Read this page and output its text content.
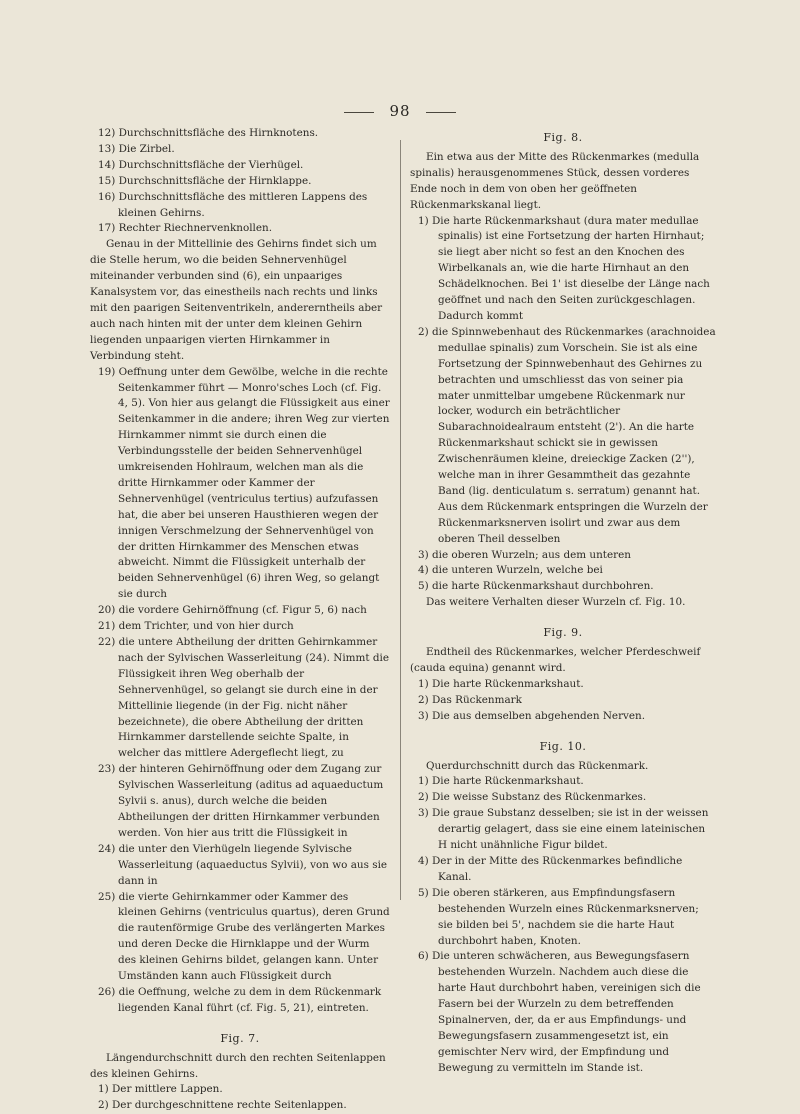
98

12) Durchschnittsfläche des Hirnknotens.

13) Die Zirbel.

14) Durchschnittsfläche der Vierhügel.

15) Durchschnittsfläche der Hirnklappe.

16) Durchschnittsfläche des mittleren Lappens des kleinen Gehirns.

17) Rechter Riechnervenknollen.

Genau in der Mittellinie des Gehirns findet sich um die Stelle herum, wo die beiden Sehnervenhügel miteinander verbunden sind (6), ein unpaariges Kanalsystem vor, das einestheils nach rechts und links mit den paarigen Seitenventrikeln, andererntheils aber auch nach hinten mit der unter dem kleinen Gehirn liegenden unpaarigen vierten Hirnkammer in Verbindung steht.

19) Oeffnung unter dem Gewölbe, welche in die rechte Seitenkammer führt — Monro'sches Loch (cf. Fig. 4, 5). Von hier aus gelangt die Flüssigkeit aus einer Seitenkammer in die andere; ihren Weg zur vierten Hirnkammer nimmt sie durch einen die Verbindungsstelle der beiden Sehnervenhügel umkreisenden Hohlraum, welchen man als die dritte Hirnkammer oder Kammer der Sehnervenhügel (ventriculus tertius) aufzufassen hat, die aber bei unseren Hausthieren wegen der innigen Verschmelzung der Sehnervenhügel von der dritten Hirnkammer des Menschen etwas abweicht. Nimmt die Flüssigkeit unterhalb der beiden Sehnervenhügel (6) ihren Weg, so gelangt sie durch

20) die vordere Gehirnöffnung (cf. Figur 5, 6) nach

21) dem Trichter, und von hier durch

22) die untere Abtheilung der dritten Gehirnkammer nach der Sylvischen Wasserleitung (24). Nimmt die Flüssigkeit ihren Weg oberhalb der Sehnervenhügel, so gelangt sie durch eine in der Mittellinie liegende (in der Fig. nicht näher bezeichnete), die obere Abtheilung der dritten Hirnkammer darstellende seichte Spalte, in welcher das mittlere Adergeflecht liegt, zu

23) der hinteren Gehirnöffnung oder dem Zugang zur Sylvischen Wasserleitung (aditus ad aquaeductum Sylvii s. anus), durch welche die beiden Abtheilungen der dritten Hirnkammer verbunden werden. Von hier aus tritt die Flüssigkeit in

24) die unter den Vierhügeln liegende Sylvische Wasserleitung (aquaeductus Sylvii), von wo aus sie dann in

25) die vierte Gehirnkammer oder Kammer des kleinen Gehirns (ventriculus quartus), deren Grund die rautenförmige Grube des verlängerten Markes und deren Decke die Hirnklappe und der Wurm des kleinen Gehirns bildet, gelangen kann. Unter Umständen kann auch Flüssigkeit durch

26) die Oeffnung, welche zu dem in dem Rückenmark liegenden Kanal führt (cf. Fig. 5, 21), eintreten.

Fig. 7.

Längendurchschnitt durch den rechten Seitenlappen des kleinen Gehirns.

1) Der mittlere Lappen.

2) Der durchgeschnittene rechte Seitenlappen.

Fig. 8.

Ein etwa aus der Mitte des Rückenmarkes (medulla spinalis) herausgenommenes Stück, dessen vorderes Ende noch in dem von oben her geöffneten Rückenmarkskanal liegt.

1) Die harte Rückenmarkshaut (dura mater medullae spinalis) ist eine Fortsetzung der harten Hirnhaut; sie liegt aber nicht so fest an den Knochen des Wirbelkanals an, wie die harte Hirnhaut an den Schädelknochen. Bei 1' ist dieselbe der Länge nach geöffnet und nach den Seiten zurückgeschlagen. Dadurch kommt

2) die Spinnwebenhaut des Rückenmarkes (arachnoidea medullae spinalis) zum Vorschein. Sie ist als eine Fortsetzung der Spinnwebenhaut des Gehirnes zu betrachten und umschliesst das von seiner pia mater unmittelbar umgebene Rückenmark nur locker, wodurch ein beträchtlicher Subarachnoidealraum entsteht (2'). An die harte Rückenmarkshaut schickt sie in gewissen Zwischenräumen kleine, dreieckige Zacken (2''), welche man in ihrer Gesammtheit das gezahnte Band (lig. denticulatum s. serratum) genannt hat. Aus dem Rückenmark entspringen die Wurzeln der Rückenmarksnerven isolirt und zwar aus dem oberen Theil desselben

3) die oberen Wurzeln; aus dem unteren

4) die unteren Wurzeln, welche bei

5) die harte Rückenmarkshaut durchbohren.

Das weitere Verhalten dieser Wurzeln cf. Fig. 10.

Fig. 9.

Endtheil des Rückenmarkes, welcher Pferdeschweif (cauda equina) genannt wird.

1) Die harte Rückenmarkshaut.

2) Das Rückenmark

3) Die aus demselben abgehenden Nerven.

Fig. 10.

Querdurchschnitt durch das Rückenmark.

1) Die harte Rückenmarkshaut.

2) Die weisse Substanz des Rückenmarkes.

3) Die graue Substanz desselben; sie ist in der weissen derartig gelagert, dass sie eine einem lateinischen H nicht unähnliche Figur bildet.

4) Der in der Mitte des Rückenmarkes befindliche Kanal.

5) Die oberen stärkeren, aus Empfindungsfasern bestehenden Wurzeln eines Rückenmarksnerven; sie bilden bei 5', nachdem sie die harte Haut durchbohrt haben, Knoten.

6) Die unteren schwächeren, aus Bewegungsfasern bestehenden Wurzeln. Nachdem auch diese die harte Haut durchbohrt haben, vereinigen sich die Fasern bei der Wurzeln zu dem betreffenden Spinalnerven, der, da er aus Empfindungs- und Bewegungsfasern zusammengesetzt ist, ein gemischter Nerv wird, der Empfindung und Bewegung zu vermitteln im Stande ist.
